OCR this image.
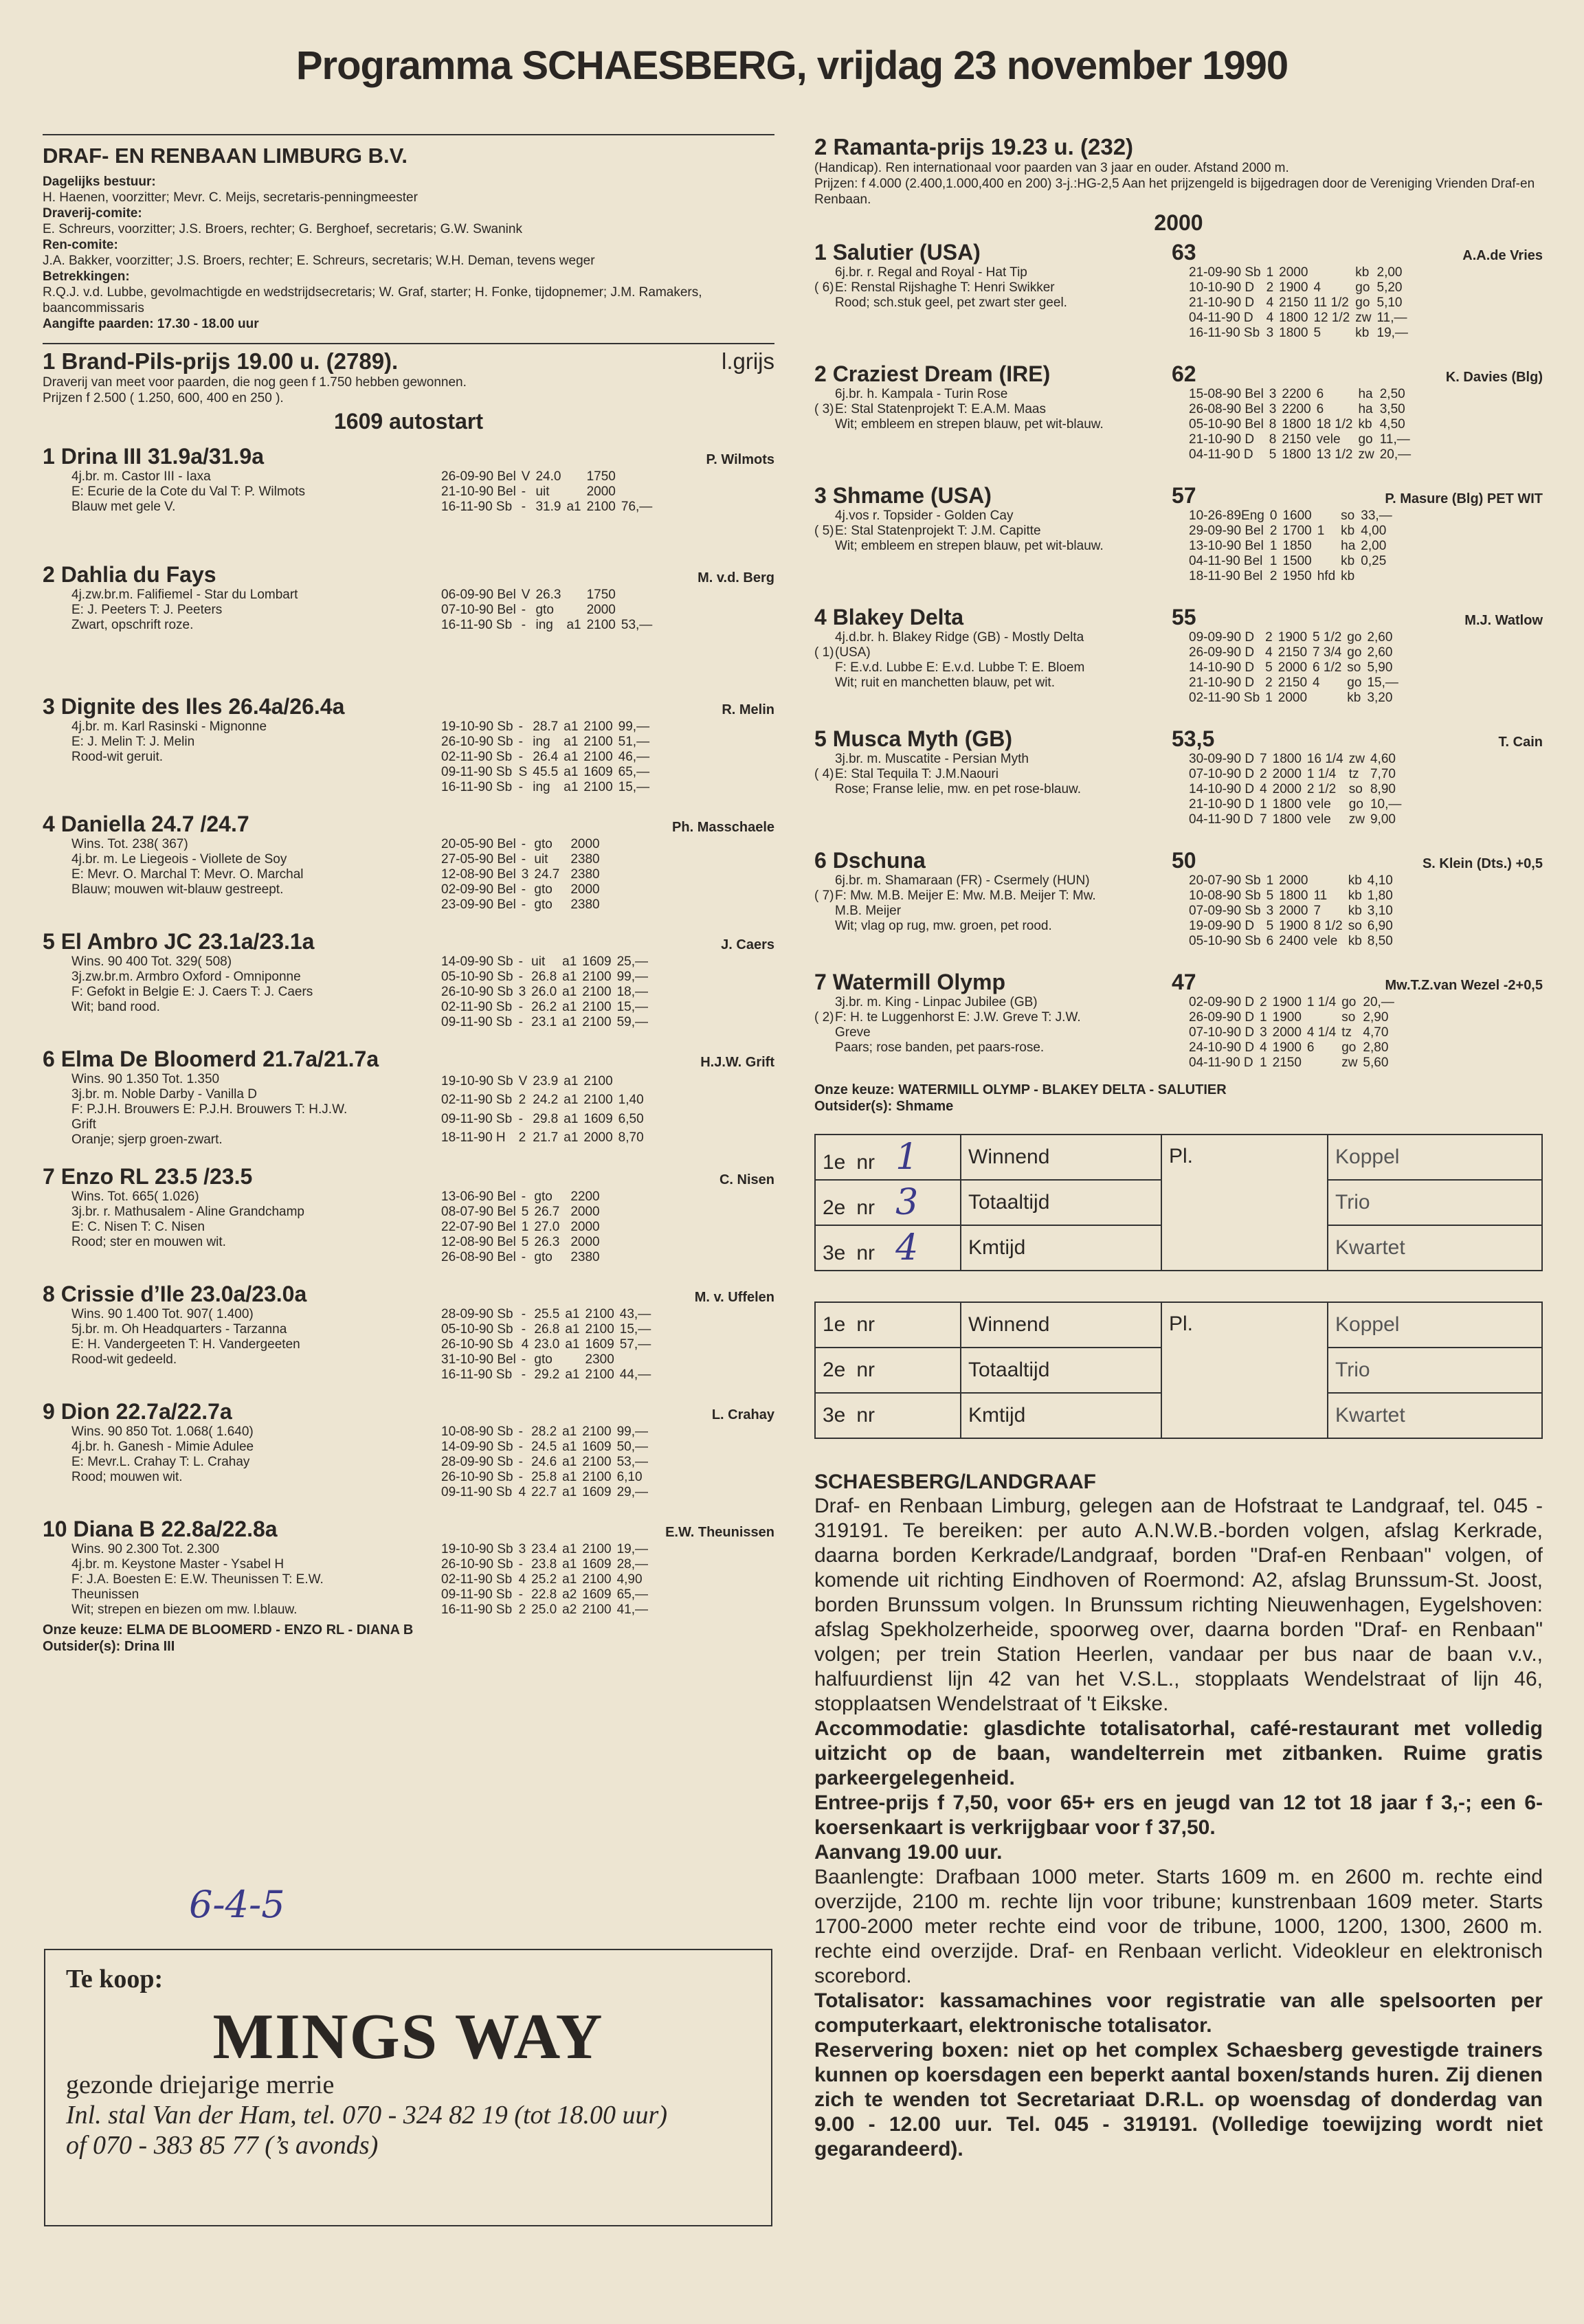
Programma SCHAESBERG, vrijdag 23 november 1990
DRAF- EN RENBAAN LIMBURG B.V.
Dagelijks bestuur:
H. Haenen, voorzitter; Mevr. C. Meijs, secretaris-penningmeester
Draverij-comite:
E. Schreurs, voorzitter; J.S. Broers, rechter; G. Berghoef, secretaris; G.W. Swanink
Ren-comite:
J.A. Bakker, voorzitter; J.S. Broers, rechter; E. Schreurs, secretaris; W.H. Deman, tevens weger
Betrekkingen:
R.Q.J. v.d. Lubbe, gevolmachtigde en wedstrijdsecretaris; W. Graf, starter; H. Fonke, tijdopnemer; J.M. Ramakers, baancommissaris
Aangifte paarden: 17.30 - 18.00 uur
1 Brand-Pils-prijs 19.00 u. (2789).	l.grijs
Draverij van meet voor paarden, die nog geen f 1.750 hebben gewonnen.
Prijzen f 2.500 ( 1.250, 600, 400 en 250 ).
1609 autostart
1 Drina III 31.9a/31.9a	P. Wilmots
4j.br. m. Castor III - Iaxa
E: Ecurie de la Cote du Val T: P. Wilmots
Blauw met gele V.
26-09-90 Bel	V	24.0		1750	
21-10-90 Bel	-	uit		2000	
16-11-90 Sb	-	31.9	a1	2100	76,—
2 Dahlia du Fays	M. v.d. Berg
4j.zw.br.m. Falifiemel - Star du Lombart
E: J. Peeters T: J. Peeters
Zwart, opschrift roze.
06-09-90 Bel	V	26.3		1750	
07-10-90 Bel	-	gto		2000	
16-11-90 Sb	-	ing	a1	2100	53,—
3 Dignite des Iles 26.4a/26.4a	R. Melin
4j.br. m. Karl Rasinski - Mignonne
E: J. Melin T: J. Melin
Rood-wit geruit.
19-10-90 Sb	-	28.7	a1	2100	99,—
26-10-90 Sb	-	ing	a1	2100	51,—
02-11-90 Sb	-	26.4	a1	2100	46,—
09-11-90 Sb	S	45.5	a1	1609	65,—
16-11-90 Sb	-	ing	a1	2100	15,—
4 Daniella 24.7 /24.7	Ph. Masschaele
Wins. Tot. 238( 367)
4j.br. m. Le Liegeois - Viollete de Soy
E: Mevr. O. Marchal T: Mevr. O. Marchal
Blauw; mouwen wit-blauw gestreept.
20-05-90 Bel	-	gto		2000	
27-05-90 Bel	-	uit		2380	
12-08-90 Bel	3	24.7		2380	
02-09-90 Bel	-	gto		2000	
23-09-90 Bel	-	gto		2380	
5 El Ambro JC 23.1a/23.1a	J. Caers
Wins. 90 400 Tot. 329( 508)
3j.zw.br.m. Armbro Oxford - Omniponne
F: Gefokt in Belgie E: J. Caers T: J. Caers
Wit; band rood.
14-09-90 Sb	-	uit	a1	1609	25,—
05-10-90 Sb	-	26.8	a1	2100	99,—
26-10-90 Sb	3	26.0	a1	2100	18,—
02-11-90 Sb	-	26.2	a1	2100	15,—
09-11-90 Sb	-	23.1	a1	2100	59,—
6 Elma De Bloomerd 21.7a/21.7a	H.J.W. Grift
Wins. 90 1.350 Tot. 1.350
3j.br. m. Noble Darby - Vanilla D
F: P.J.H. Brouwers E: P.J.H. Brouwers T: H.J.W.
Grift
Oranje; sjerp groen-zwart.
19-10-90 Sb	V	23.9	a1	2100	
02-11-90 Sb	2	24.2	a1	2100	1,40
09-11-90 Sb	-	29.8	a1	1609	6,50
18-11-90 H	2	21.7	a1	2000	8,70
7 Enzo RL 23.5 /23.5	C. Nisen
Wins. Tot. 665( 1.026)
3j.br. r. Mathusalem - Aline Grandchamp
E: C. Nisen T: C. Nisen
Rood; ster en mouwen wit.
13-06-90 Bel	-	gto		2200	
08-07-90 Bel	5	26.7		2000	
22-07-90 Bel	1	27.0		2000	
12-08-90 Bel	5	26.3		2000	
26-08-90 Bel	-	gto		2380	
8 Crissie d’Ile 23.0a/23.0a	M. v. Uffelen
Wins. 90 1.400 Tot. 907( 1.400)
5j.br. m. Oh Headquarters - Tarzanna
E: H. Vandergeeten T: H. Vandergeeten
Rood-wit gedeeld.
28-09-90 Sb	-	25.5	a1	2100	43,—
05-10-90 Sb	-	26.8	a1	2100	15,—
26-10-90 Sb	4	23.0	a1	1609	57,—
31-10-90 Bel	-	gto		2300	
16-11-90 Sb	-	29.2	a1	2100	44,—
9 Dion 22.7a/22.7a	L. Crahay
Wins. 90 850 Tot. 1.068( 1.640)
4j.br. h. Ganesh - Mimie Adulee
E: Mevr.L. Crahay T: L. Crahay
Rood; mouwen wit.
10-08-90 Sb	-	28.2	a1	2100	99,—
14-09-90 Sb	-	24.5	a1	1609	50,—
28-09-90 Sb	-	24.6	a1	2100	53,—
26-10-90 Sb	-	25.8	a1	2100	6,10
09-11-90 Sb	4	22.7	a1	1609	29,—
10 Diana B 22.8a/22.8a	E.W. Theunissen
Wins. 90 2.300 Tot. 2.300
4j.br. m. Keystone Master - Ysabel H
F: J.A. Boesten E: E.W. Theunissen T: E.W.
Theunissen
Wit; strepen en biezen om mw. l.blauw.
19-10-90 Sb	3	23.4	a1	2100	19,—
26-10-90 Sb	-	23.8	a1	1609	28,—
02-11-90 Sb	4	25.2	a1	2100	4,90
09-11-90 Sb	-	22.8	a2	1609	65,—
16-11-90 Sb	2	25.0	a2	2100	41,—
Onze keuze: ELMA DE BLOOMERD - ENZO RL - DIANA B
Outsider(s): Drina III
6-4-5
Te koop:
MINGS WAY
gezonde driejarige merrie
Inl. stal Van der Ham, tel. 070 - 324 82 19 (tot 18.00 uur)
of 070 - 383 85 77 (’s avonds)
2 Ramanta-prijs 19.23 u. (232)
(Handicap). Ren internationaal voor paarden van 3 jaar en ouder. Afstand 2000 m.
Prijzen: f 4.000 (2.400,1.000,400 en 200) 3-j.:HG-2,5 Aan het prijzengeld is bijgedragen door de Vereniging Vrienden Draf-en Renbaan.
2000
1 Salutier (USA)	63	A.A.de Vries
( 6)
6j.br. r. Regal and Royal - Hat Tip
E: Renstal Rijshaghe T: Henri Swikker
Rood; sch.stuk geel, pet zwart ster geel.
21-09-90 Sb	1	2000		kb	2,00
10-10-90 D	2	1900	4	go	5,20
21-10-90 D	4	2150	11 1/2	go	5,10
04-11-90 D	4	1800	12 1/2	zw	11,—
16-11-90 Sb	3	1800	5	kb	19,—
2 Craziest Dream (IRE)	62	K. Davies (Blg)
( 3)
6j.br. h. Kampala - Turin Rose
E: Stal Statenprojekt T: E.A.M. Maas
Wit; embleem en strepen blauw, pet wit-blauw.
15-08-90 Bel	3	2200	6	ha	2,50
26-08-90 Bel	3	2200	6	ha	3,50
05-10-90 Bel	8	1800	18 1/2	kb	4,50
21-10-90 D	8	2150	vele	go	11,—
04-11-90 D	5	1800	13 1/2	zw	20,—
3 Shmame (USA)	57	P. Masure (Blg) PET WIT
( 5)
4j.vos r. Topsider - Golden Cay
E: Stal Statenprojekt T: J.M. Capitte
Wit; embleem en strepen blauw, pet wit-blauw.
10-26-89Eng	0	1600		so	33,—
29-09-90 Bel	2	1700	1	kb	4,00
13-10-90 Bel	1	1850		ha	2,00
04-11-90 Bel	1	1500		kb	0,25
18-11-90 Bel	2	1950	hfd	kb	
4 Blakey Delta	55	M.J. Watlow
( 1)
4j.d.br. h. Blakey Ridge (GB) - Mostly Delta
(USA)
F: E.v.d. Lubbe E: E.v.d. Lubbe T: E. Bloem
Wit; ruit en manchetten blauw, pet wit.
09-09-90 D	2	1900	5 1/2	go	2,60
26-09-90 D	4	2150	7 3/4	go	2,60
14-10-90 D	5	2000	6 1/2	so	5,90
21-10-90 D	2	2150	4	go	15,—
02-11-90 Sb	1	2000		kb	3,20
5 Musca Myth (GB)	53,5	T. Cain
( 4)
3j.br. m. Muscatite - Persian Myth
E: Stal Tequila T: J.M.Naouri
Rose; Franse lelie, mw. en pet rose-blauw.
30-09-90 D	7	1800	16 1/4	zw	4,60
07-10-90 D	2	2000	1 1/4	tz	7,70
14-10-90 D	4	2000	2 1/2	so	8,90
21-10-90 D	1	1800	vele	go	10,—
04-11-90 D	7	1800	vele	zw	9,00
6 Dschuna	50	S. Klein (Dts.) +0,5
( 7)
6j.br. m. Shamaraan (FR) - Csermely (HUN)
F: Mw. M.B. Meijer E: Mw. M.B. Meijer T: Mw.
M.B. Meijer
Wit; vlag op rug, mw. groen, pet rood.
20-07-90 Sb	1	2000		kb	4,10
10-08-90 Sb	5	1800	11	kb	1,80
07-09-90 Sb	3	2000	7	kb	3,10
19-09-90 D	5	1900	8 1/2	so	6,90
05-10-90 Sb	6	2400	vele	kb	8,50
7 Watermill Olymp	47	Mw.T.Z.van Wezel -2+0,5
( 2)
3j.br. m. King - Linpac Jubilee (GB)
F: H. te Luggenhorst E: J.W. Greve T: J.W.
Greve
Paars; rose banden, pet paars-rose.
02-09-90 D	2	1900	1 1/4	go	20,—
26-09-90 D	1	1900		so	2,90
07-10-90 D	3	2000	4 1/4	tz	4,70
24-10-90 D	4	1900	6	go	2,80
04-11-90 D	1	2150		zw	5,60
Onze keuze: WATERMILL OLYMP - BLAKEY DELTA - SALUTIER
Outsider(s): Shmame
1e nr 1	Winnend	Pl.	Koppel
2e nr 3	Totaaltijd		Trio
3e nr 4	Kmtijd		Kwartet
1e nr	Winnend	Pl.	Koppel
2e nr	Totaaltijd		Trio
3e nr	Kmtijd		Kwartet
SCHAESBERG/LANDGRAAF
Draf- en Renbaan Limburg, gelegen aan de Hofstraat te Landgraaf, tel. 045 - 319191. Te bereiken: per auto A.N.W.B.-borden volgen, afslag Kerkrade, daarna borden Kerkrade/Landgraaf, borden "Draf-en Renbaan" volgen, of komende uit richting Eindhoven of Roermond: A2, afslag Brunssum-St. Joost, borden Brunssum volgen. In Brunssum richting Nieuwenhagen, Eygelshoven: afslag Spekholzerheide, spoorweg over, daarna borden "Draf- en Renbaan" volgen; per trein Station Heerlen, vandaar per bus naar de baan v.v., halfuurdienst lijn 42 van het V.S.L., stopplaats Wendelstraat of lijn 46, stopplaatsen Wendelstraat of 't Eikske.
Accommodatie: glasdichte totalisatorhal, café-restaurant met volledig uitzicht op de baan, wandelterrein met zitbanken. Ruime gratis parkeergelegenheid.
Entree-prijs f 7,50, voor 65+ ers en jeugd van 12 tot 18 jaar f 3,-; een 6-koersenkaart is verkrijgbaar voor f 37,50.
Aanvang 19.00 uur.
Baanlengte: Drafbaan 1000 meter. Starts 1609 m. en 2600 m. rechte eind overzijde, 2100 m. rechte lijn voor tribune; kunstrenbaan 1609 meter. Starts 1700-2000 meter rechte eind voor de tribune, 1000, 1200, 1300, 2600 m. rechte eind overzijde. Draf- en Renbaan verlicht. Videokleur en elektronisch scorebord.
Totalisator: kassamachines voor registratie van alle spelsoorten per computerkaart, elektronische totalisator.
Reservering boxen: niet op het complex Schaesberg gevestigde trainers kunnen op koersdagen een beperkt aantal boxen/stands huren. Zij dienen zich te wenden tot Secretariaat D.R.L. op woensdag of donderdag van 9.00 - 12.00 uur. Tel. 045 - 319191. (Volledige toewijzing wordt niet gegarandeerd).
